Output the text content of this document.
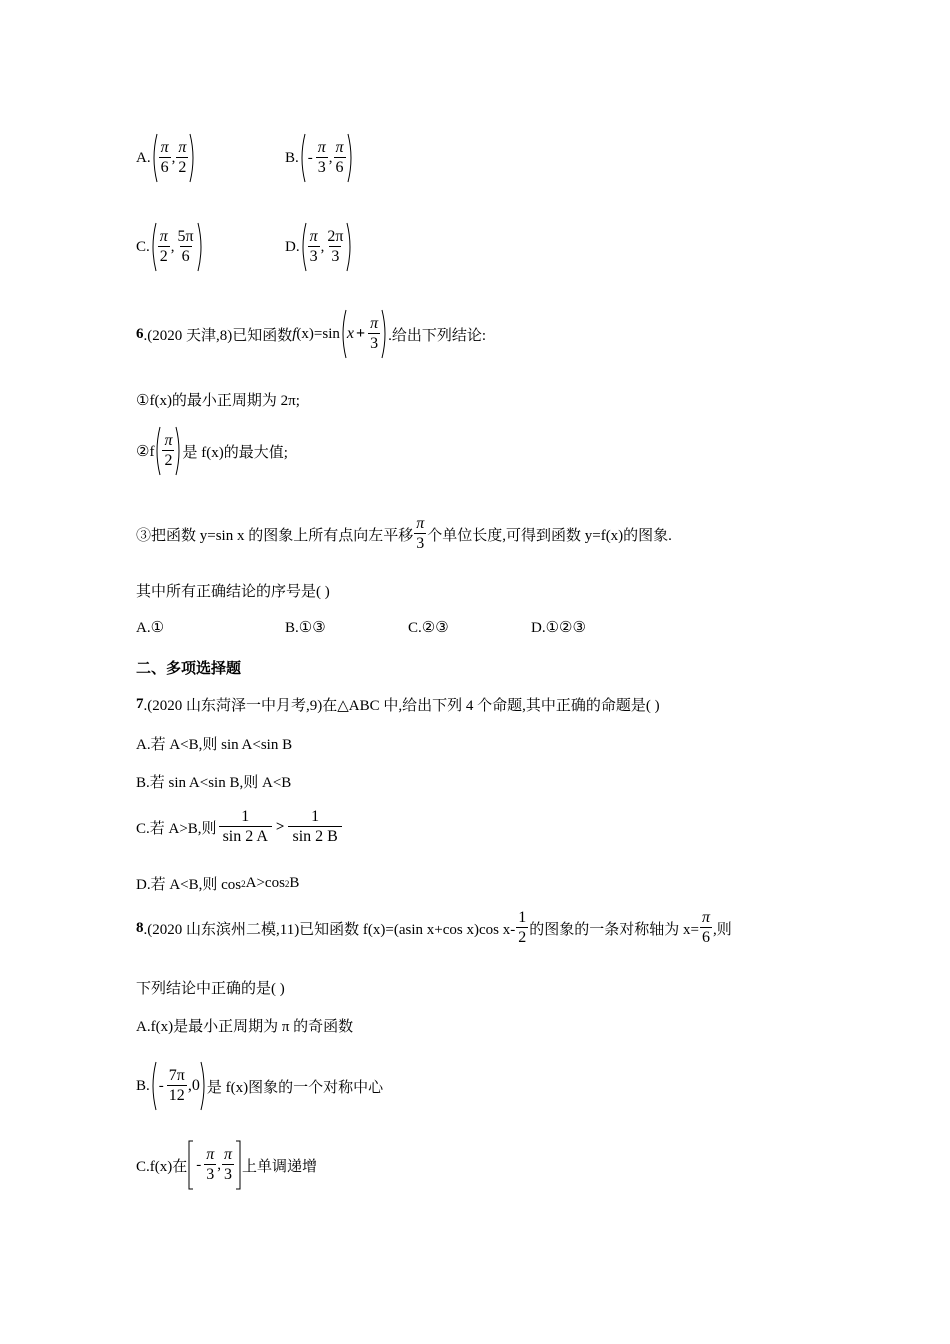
A. $\frac{\pi}{6}$ , $\frac{\pi}{2}$	B. - $\frac{\pi}{3}$ , $\frac{\pi}{6}$
C. $\frac{\pi}{2}$ , $\frac{5\pi}{6}$	D. $\frac{\pi}{3}$ , $\frac{2\pi}{3}$
6 .(2020 天津,8)已知函数 f (x)=sin $x + \frac{\pi}{3}$ .给出下列结论:
①f(x)的最小正周期为 2π;
②f $\frac{\pi}{2}$ 是 f(x)的最大值;
③把函数 y=sin x 的图象上所有点向左平移 $\frac{\pi}{3}$ 个单位长度,可得到函数 y=f(x)的图象.
其中所有正确结论的序号是( )
A.①	B.①③	C.②③	D.①②③
二、多项选择题
7 .(2020 山东菏泽一中月考,9)在△ABC 中,给出下列 4 个命题,其中正确的命题是( )
A.若 A<B,则 sin A<sin B
B.若 sin A<sin B,则 A<B
C.若 A>B,则 $\frac{1}{\sin 2 A} > \frac{1}{\sin 2 B}$
D.若 A<B,则 cos 2 A>cos 2 B
8 .(2020 山东滨州二模,11)已知函数 f(x)=(asin x+cos x)cos $x- \frac{1}{2}$ 的图象的一条对称轴为 $x= \frac{\pi}{6}$ ,则
下列结论中正确的是( )
A.f(x)是最小正周期为 π 的奇函数
B. - $\frac{7\pi}{12} ,0$ 是 f(x)图象的一个对称中心
C.f(x)在 - $\frac{\pi}{3}$ , $\frac{\pi}{3}$ 上单调递增
